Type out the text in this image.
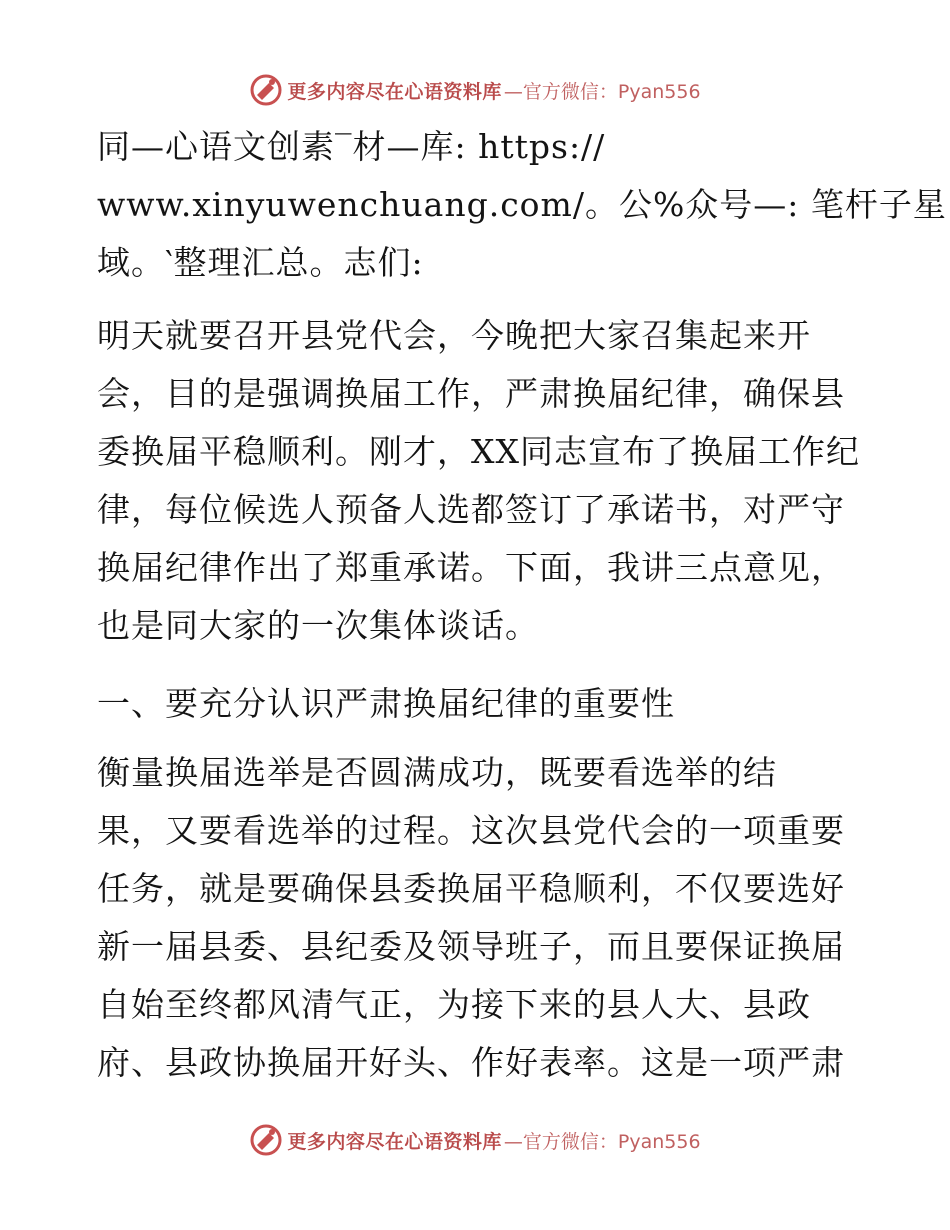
更多内容尽在心语资料库 —官方微信：Pyan556
同—心语文创素‾材—库: https://
www.xinyuwenchuang.com/。公%众号—: 笔杆子星
域。‵整理汇总。志们:
明天就要召开县党代会，今晚把大家召集起来开
会，目的是强调换届工作，严肃换届纪律，确保县
委换届平稳顺利。刚才，XX同志宣布了换届工作纪
律，每位候选人预备人选都签订了承诺书，对严守
换届纪律作出了郑重承诺。下面，我讲三点意见，
也是同大家的一次集体谈话。
一、要充分认识严肃换届纪律的重要性
衡量换届选举是否圆满成功，既要看选举的结
果，又要看选举的过程。这次县党代会的一项重要
任务，就是要确保县委换届平稳顺利，不仅要选好
新一届县委、县纪委及领导班子，而且要保证换届
自始至终都风清气正，为接下来的县人大、县政
府、县政协换届开好头、作好表率。这是一项严肃
更多内容尽在心语资料库 —官方微信：Pyan556
